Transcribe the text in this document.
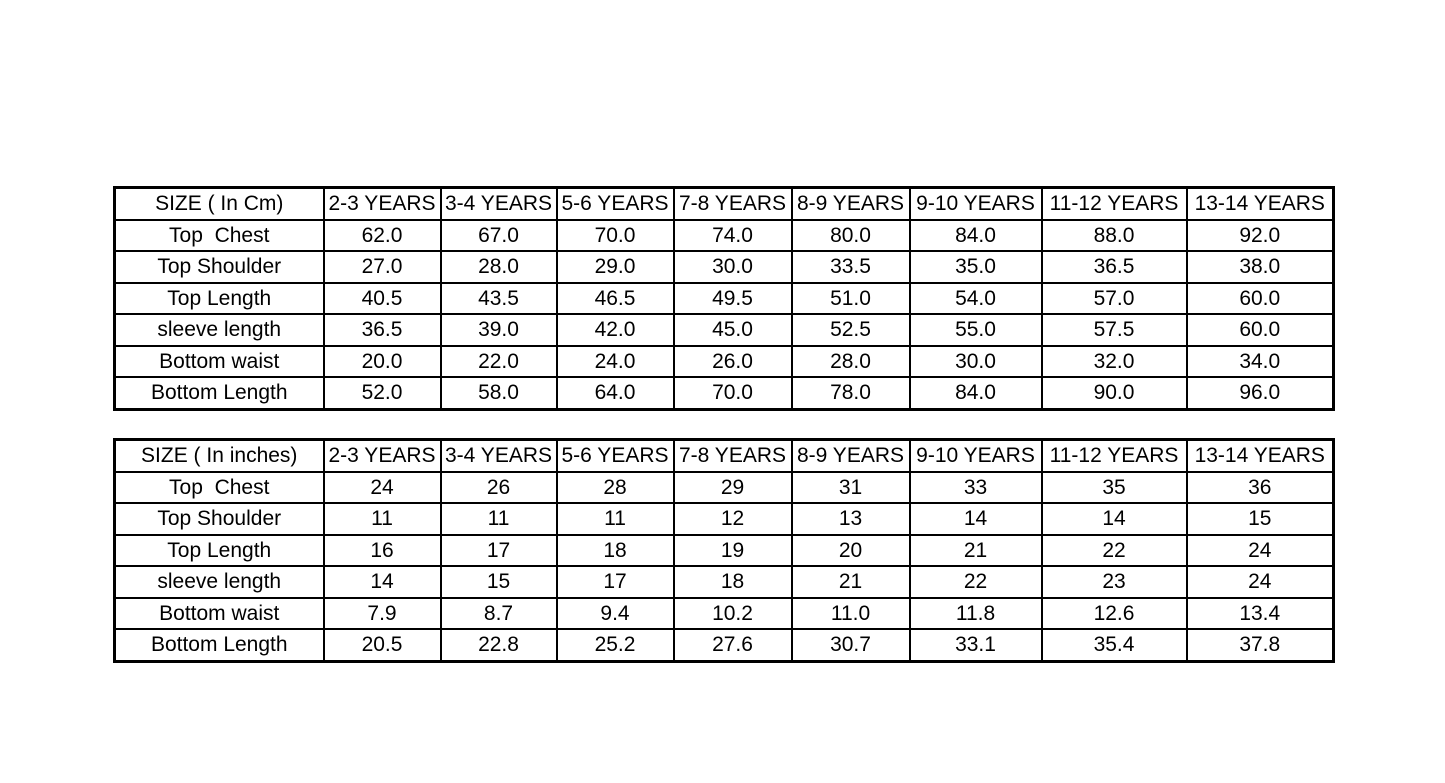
SIZE ( In Cm)	2-3 YEARS	3-4 YEARS	5-6 YEARS	7-8 YEARS	8-9 YEARS	9-10 YEARS	11-12 YEARS	13-14 YEARS
Top  Chest	62.0	67.0	70.0	74.0	80.0	84.0	88.0	92.0
Top Shoulder	27.0	28.0	29.0	30.0	33.5	35.0	36.5	38.0
Top Length	40.5	43.5	46.5	49.5	51.0	54.0	57.0	60.0
sleeve length	36.5	39.0	42.0	45.0	52.5	55.0	57.5	60.0
Bottom waist	20.0	22.0	24.0	26.0	28.0	30.0	32.0	34.0
Bottom Length	52.0	58.0	64.0	70.0	78.0	84.0	90.0	96.0
SIZE ( In inches)	2-3 YEARS	3-4 YEARS	5-6 YEARS	7-8 YEARS	8-9 YEARS	9-10 YEARS	11-12 YEARS	13-14 YEARS
Top  Chest	24	26	28	29	31	33	35	36
Top Shoulder	11	11	11	12	13	14	14	15
Top Length	16	17	18	19	20	21	22	24
sleeve length	14	15	17	18	21	22	23	24
Bottom waist	7.9	8.7	9.4	10.2	11.0	11.8	12.6	13.4
Bottom Length	20.5	22.8	25.2	27.6	30.7	33.1	35.4	37.8
